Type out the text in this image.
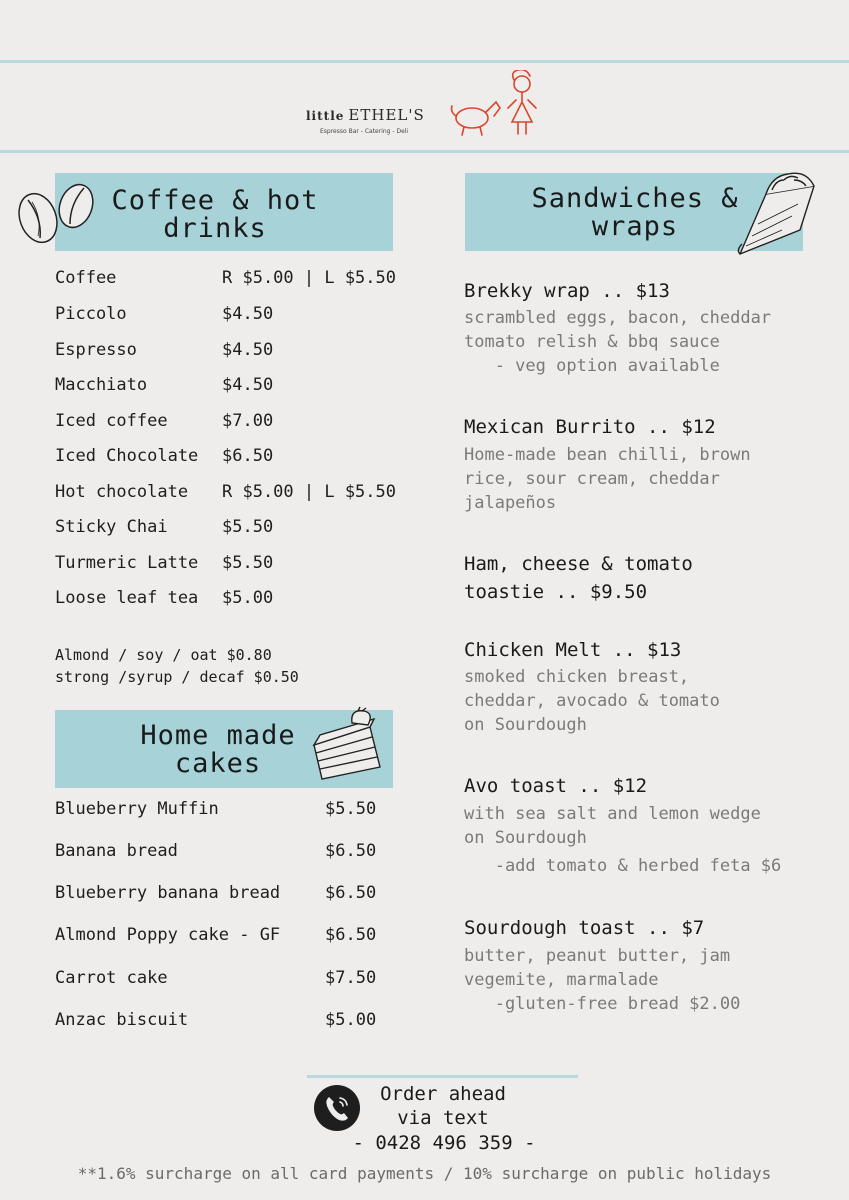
little ETHEL'S
Espresso Bar - Catering - Deli
Coffee & hot
drinks
Coffee	R $5.00 | L $5.50
Piccolo	$4.50
Espresso	$4.50
Macchiato	$4.50
Iced coffee	$7.00
Iced Chocolate $6.50
Hot chocolate R $5.00 | L $5.50
Sticky Chai	$5.50
Turmeric Latte $5.50
Loose leaf tea $5.00
Almond / soy / oat $0.80
strong /syrup / decaf $0.50
Home made
cakes
Blueberry Muffin	$5.50
Banana bread	$6.50
Blueberry banana bread	$6.50
Almond Poppy cake - GF	$6.50
Carrot cake	$7.50
Anzac biscuit	$5.00
Sandwiches &
wraps
Brekky wrap .. $13
scrambled eggs, bacon, cheddar
tomato relish & bbq sauce
- veg option available
Mexican Burrito .. $12
Home-made bean chilli, brown
rice, sour cream, cheddar
jalapeños
Ham, cheese & tomato
toastie .. $9.50
Chicken Melt .. $13
smoked chicken breast,
cheddar, avocado & tomato
on Sourdough
Avo toast .. $12
with sea salt and lemon wedge
on Sourdough
-add tomato & herbed feta $6
Sourdough toast .. $7
butter, peanut butter, jam
vegemite, marmalade
-gluten-free bread $2.00
Order ahead
via text
- 0428 496 359 -
**1.6% surcharge on all card payments / 10% surcharge on public holidays
